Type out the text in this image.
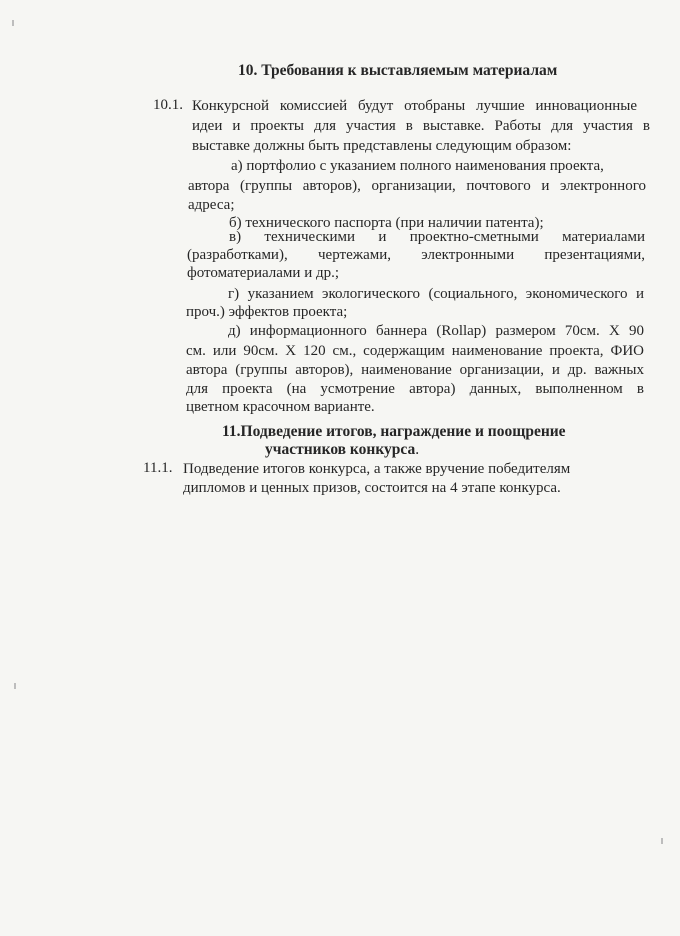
10. Требования к выставляемым материалам
10.1. Конкурсной комиссией будут отобраны лучшие инновационные
идеи и проекты для участия в выставке. Работы для участия в
выставке должны быть представлены следующим образом:
а) портфолио с указанием полного наименования проекта,
автора (группы авторов), организации, почтового и электронного
адреса;
б) технического паспорта (при наличии патента);
в) техническими и проектно-сметными материалами
(разработками), чертежами, электронными презентациями,
фотоматериалами и др.;
г) указанием экологического (социального, экономического и
проч.) эффектов проекта;
д) информационного баннера (Rollap) размером 70см. Х 90
см. или 90см. Х 120 см., содержащим наименование проекта, ФИО
автора (группы авторов), наименование организации, и др. важных
для проекта (на усмотрение автора) данных, выполненном в
цветном красочном варианте.
11.Подведение итогов, награждение и поощрение
участников конкурса.
11.1. Подведение итогов конкурса, а также вручение победителям
дипломов и ценных призов, состоится на 4 этапе конкурса.
